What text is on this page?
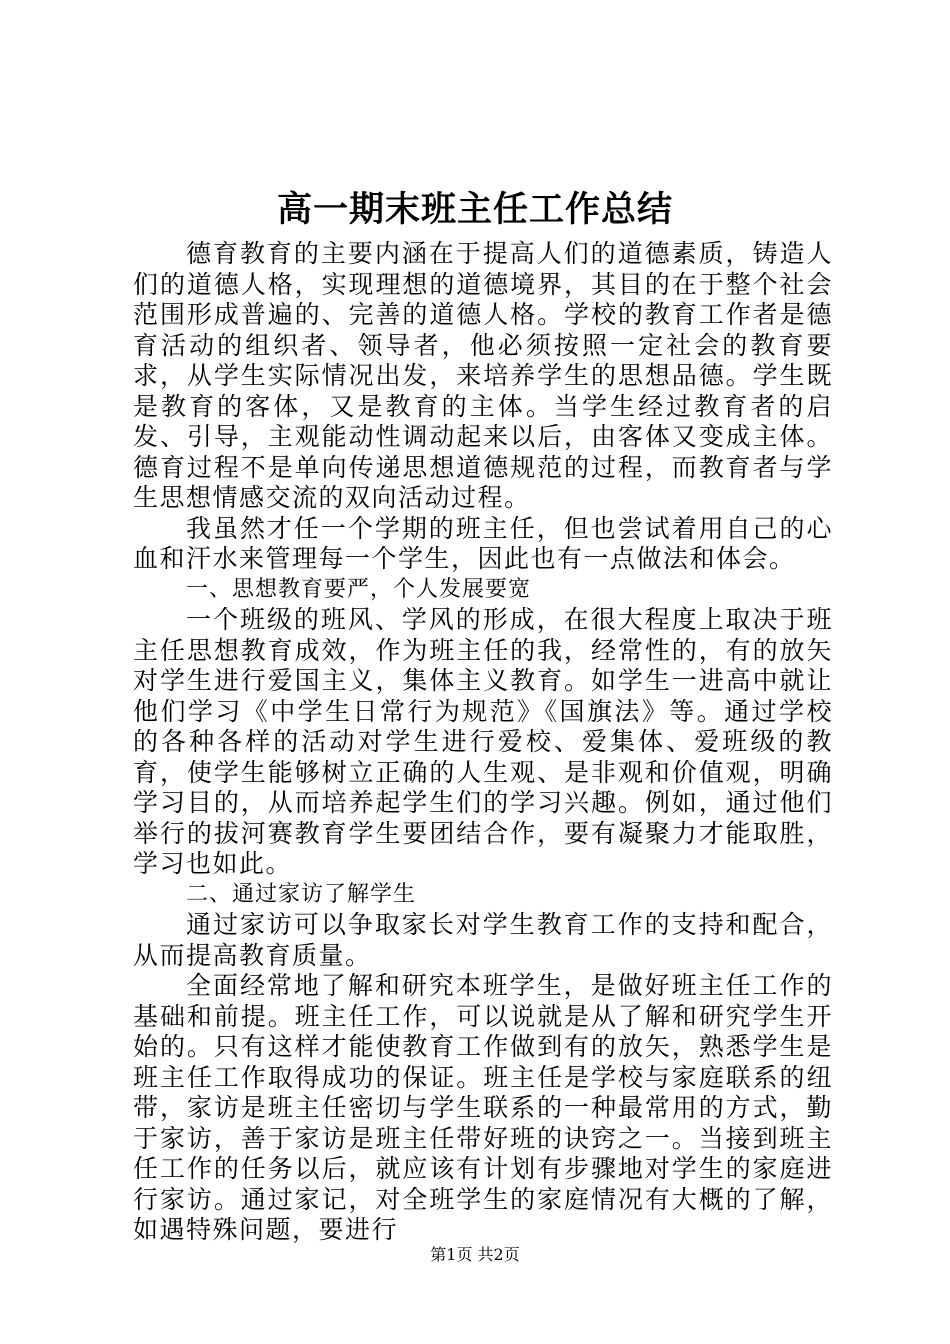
高一期末班主任工作总结

德育教育的主要内涵在于提高人们的道德素质，铸造人们的道德人格，实现理想的道德境界，其目的在于整个社会范围形成普遍的、完善的道德人格。学校的教育工作者是德育活动的组织者、领导者，他必须按照一定社会的教育要求，从学生实际情况出发，来培养学生的思想品德。学生既是教育的客体，又是教育的主体。当学生经过教育者的启发、引导，主观能动性调动起来以后，由客体又变成主体。德育过程不是单向传递思想道德规范的过程，而教育者与学生思想情感交流的双向活动过程。

我虽然才任一个学期的班主任，但也尝试着用自己的心血和汗水来管理每一个学生，因此也有一点做法和体会。

一、思想教育要严，个人发展要宽

一个班级的班风、学风的形成，在很大程度上取决于班主任思想教育成效，作为班主任的我，经常性的，有的放矢对学生进行爱国主义，集体主义教育。如学生一进高中就让他们学习《中学生日常行为规范》《国旗法》等。通过学校的各种各样的活动对学生进行爱校、爱集体、爱班级的教育，使学生能够树立正确的人生观、是非观和价值观，明确学习目的，从而培养起学生们的学习兴趣。例如，通过他们举行的拔河赛教育学生要团结合作，要有凝聚力才能取胜，学习也如此。

二、通过家访了解学生

通过家访可以争取家长对学生教育工作的支持和配合，从而提高教育质量。

全面经常地了解和研究本班学生，是做好班主任工作的基础和前提。班主任工作，可以说就是从了解和研究学生开始的。只有这样才能使教育工作做到有的放矢，熟悉学生是班主任工作取得成功的保证。班主任是学校与家庭联系的纽带，家访是班主任密切与学生联系的一种最常用的方式，勤于家访，善于家访是班主任带好班的诀窍之一。当接到班主任工作的任务以后，就应该有计划有步骤地对学生的家庭进行家访。通过家记，对全班学生的家庭情况有大概的了解，如遇特殊问题，要进行

第1页 共2页
